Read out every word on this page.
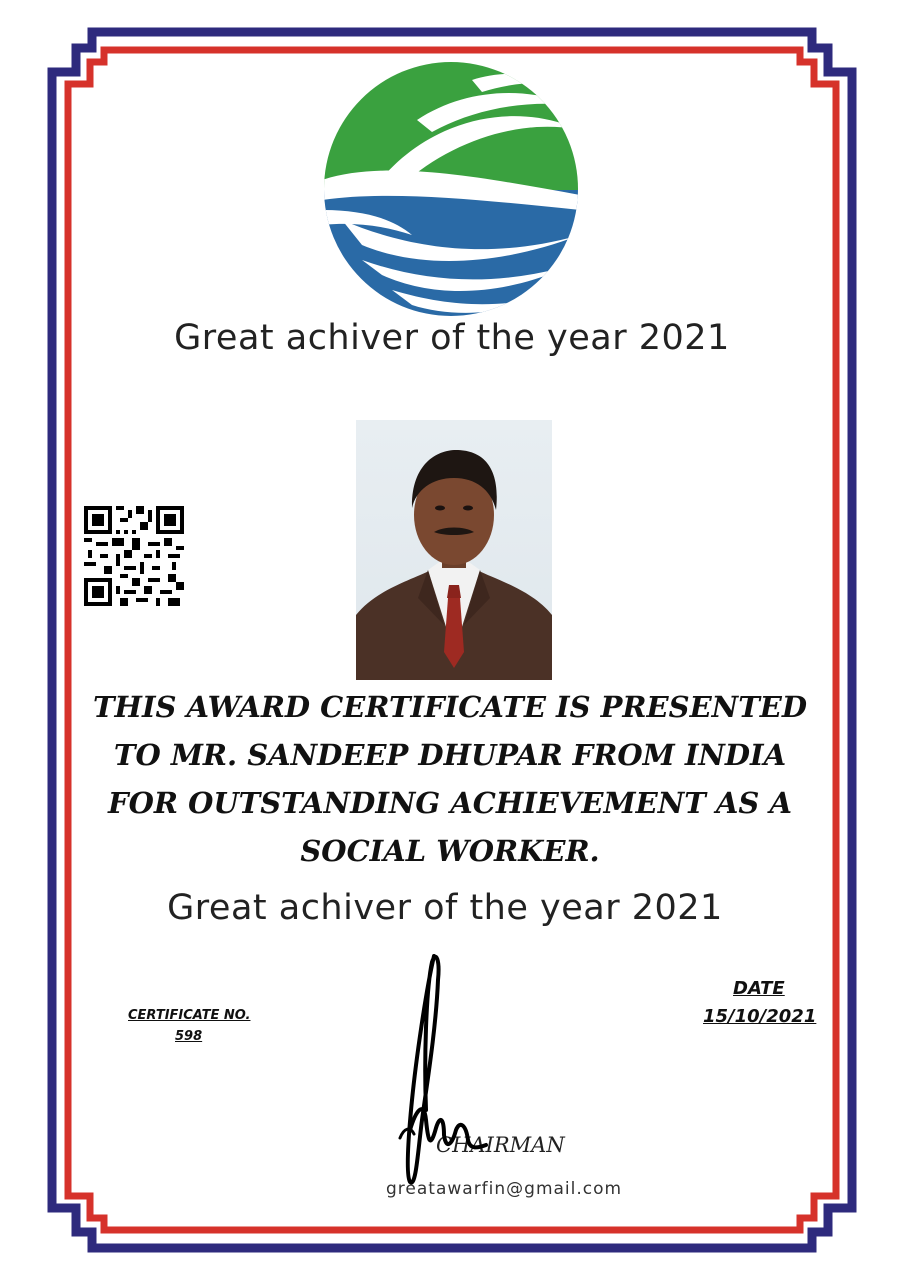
Great achiver of the year 2021
THIS AWARD CERTIFICATE IS PRESENTED
TO MR. SANDEEP DHUPAR FROM INDIA
FOR OUTSTANDING ACHIEVEMENT AS A
SOCIAL WORKER.
Great achiver of the year 2021
CERTIFICATE NO.
598
DATE
15/10/2021
CHAIRMAN
greatawarfin@gmail.com
